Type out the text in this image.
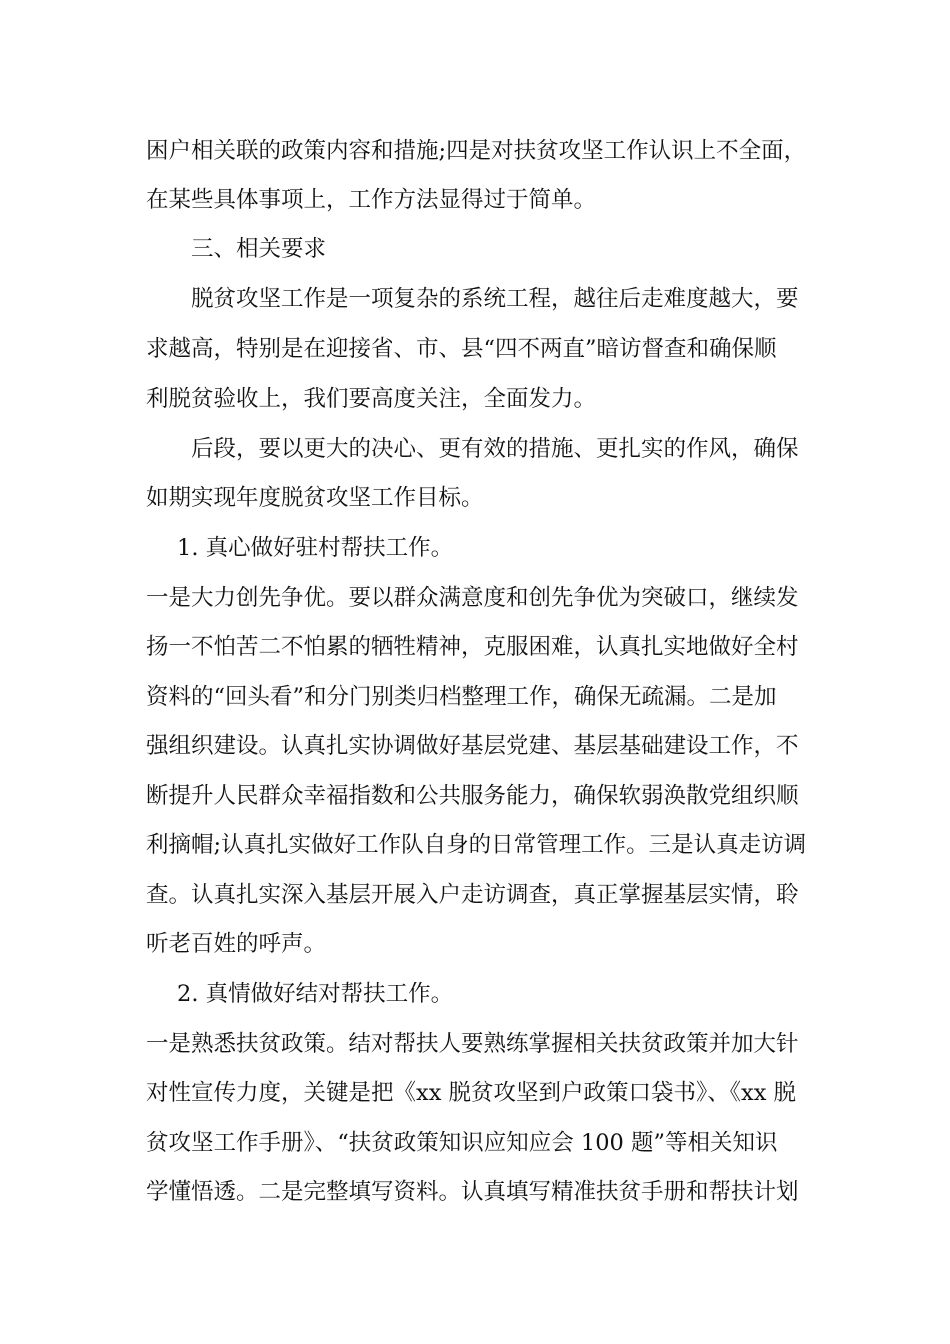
困户相关联的政策内容和措施;四是对扶贫攻坚工作认识上不全面，
在某些具体事项上，工作方法显得过于简单。
三、相关要求
脱贫攻坚工作是一项复杂的系统工程，越往后走难度越大，要
求越高，特别是在迎接省、市、县“四不两直”暗访督查和确保顺
利脱贫验收上，我们要高度关注，全面发力。
后段，要以更大的决心、更有效的措施、更扎实的作风，确保
如期实现年度脱贫攻坚工作目标。
1. 真心做好驻村帮扶工作。
一是大力创先争优。要以群众满意度和创先争优为突破口，继续发
扬一不怕苦二不怕累的牺牲精神，克服困难，认真扎实地做好全村
资料的“回头看”和分门别类归档整理工作，确保无疏漏。二是加
强组织建设。认真扎实协调做好基层党建、基层基础建设工作，不
断提升人民群众幸福指数和公共服务能力，确保软弱涣散党组织顺
利摘帽;认真扎实做好工作队自身的日常管理工作。三是认真走访调
查。认真扎实深入基层开展入户走访调查，真正掌握基层实情，聆
听老百姓的呼声。
2. 真情做好结对帮扶工作。
一是熟悉扶贫政策。结对帮扶人要熟练掌握相关扶贫政策并加大针
对性宣传力度，关键是把《xx 脱贫攻坚到户政策口袋书》、《xx 脱
贫攻坚工作手册》、“扶贫政策知识应知应会 100 题”等相关知识
学懂悟透。二是完整填写资料。认真填写精准扶贫手册和帮扶计划
